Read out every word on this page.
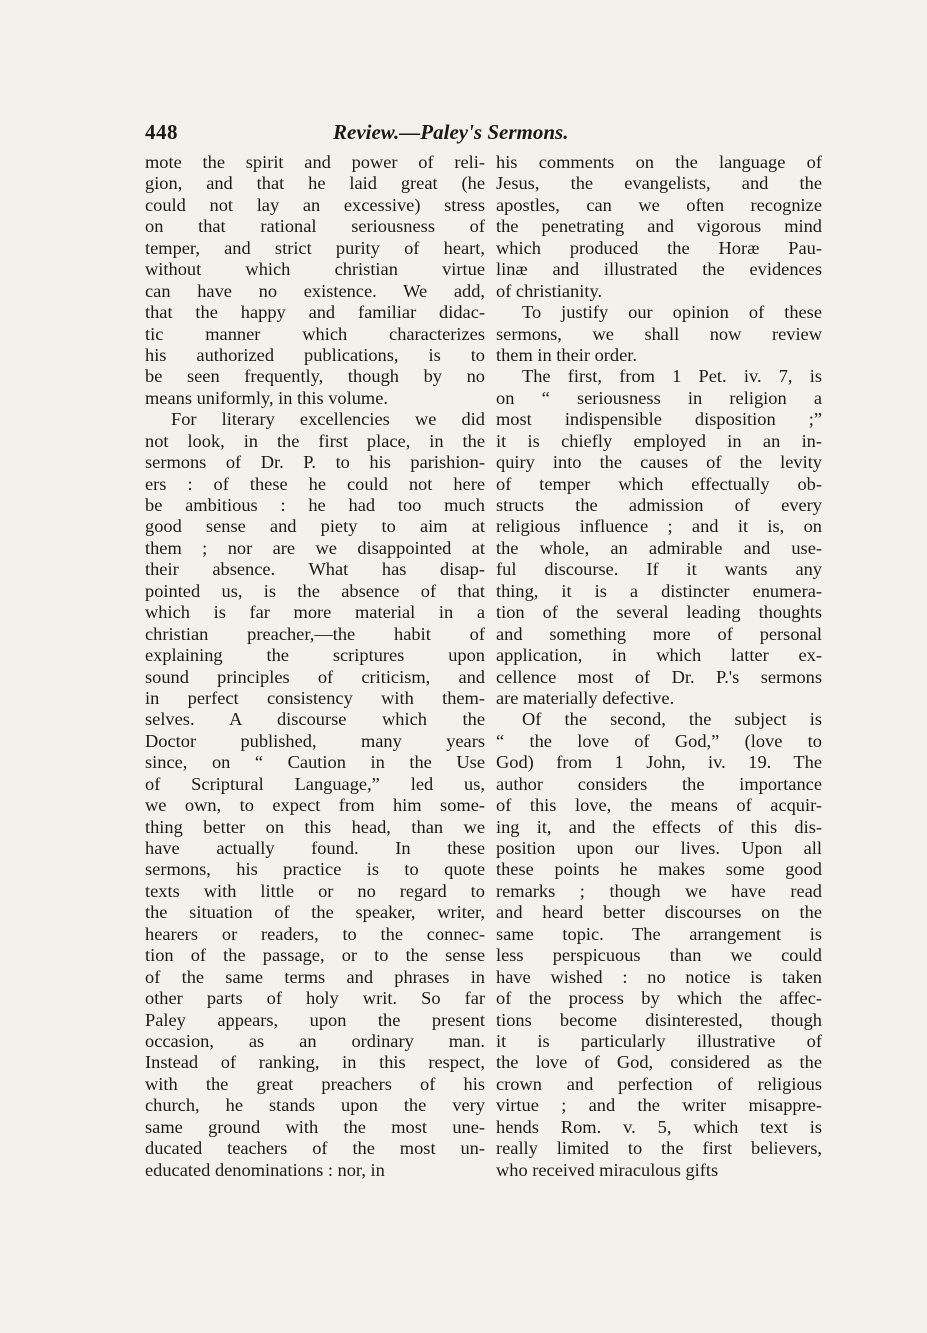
448	Review.—Paley's Sermons.
mote the spirit and power of reli-
gion, and that he laid great (he
could not lay an excessive) stress
on that rational seriousness of
temper, and strict purity of heart,
without which christian virtue
can have no existence. We add,
that the happy and familiar didac-
tic manner which characterizes
his authorized publications, is to
be seen frequently, though by no
means uniformly, in this volume.
For literary excellencies we did
not look, in the first place, in the
sermons of Dr. P. to his parishion-
ers : of these he could not here
be ambitious : he had too much
good sense and piety to aim at
them ; nor are we disappointed at
their absence. What has disap-
pointed us, is the absence of that
which is far more material in a
christian preacher,—the habit of
explaining the scriptures upon
sound principles of criticism, and
in perfect consistency with them-
selves. A discourse which the
Doctor published, many years
since, on “ Caution in the Use
of Scriptural Language,” led us,
we own, to expect from him some-
thing better on this head, than we
have actually found. In these
sermons, his practice is to quote
texts with little or no regard to
the situation of the speaker, writer,
hearers or readers, to the connec-
tion of the passage, or to the sense
of the same terms and phrases in
other parts of holy writ. So far
Paley appears, upon the present
occasion, as an ordinary man.
Instead of ranking, in this respect,
with the great preachers of his
church, he stands upon the very
same ground with the most une-
ducated teachers of the most un-
educated denominations : nor, in
his comments on the language of
Jesus, the evangelists, and the
apostles, can we often recognize
the penetrating and vigorous mind
which produced the Horæ Pau-
linæ and illustrated the evidences
of christianity.
To justify our opinion of these
sermons, we shall now review
them in their order.
The first, from 1 Pet. iv. 7, is
on “ seriousness in religion a
most indispensible disposition ;”
it is chiefly employed in an in-
quiry into the causes of the levity
of temper which effectually ob-
structs the admission of every
religious influence ; and it is, on
the whole, an admirable and use-
ful discourse. If it wants any
thing, it is a distincter enumera-
tion of the several leading thoughts
and something more of personal
application, in which latter ex-
cellence most of Dr. P.'s sermons
are materially defective.
Of the second, the subject is
“ the love of God,” (love to
God) from 1 John, iv. 19. The
author considers the importance
of this love, the means of acquir-
ing it, and the effects of this dis-
position upon our lives. Upon all
these points he makes some good
remarks ; though we have read
and heard better discourses on the
same topic. The arrangement is
less perspicuous than we could
have wished : no notice is taken
of the process by which the affec-
tions become disinterested, though
it is particularly illustrative of
the love of God, considered as the
crown and perfection of religious
virtue ; and the writer misappre-
hends Rom. v. 5, which text is
really limited to the first believers,
who received miraculous gifts
